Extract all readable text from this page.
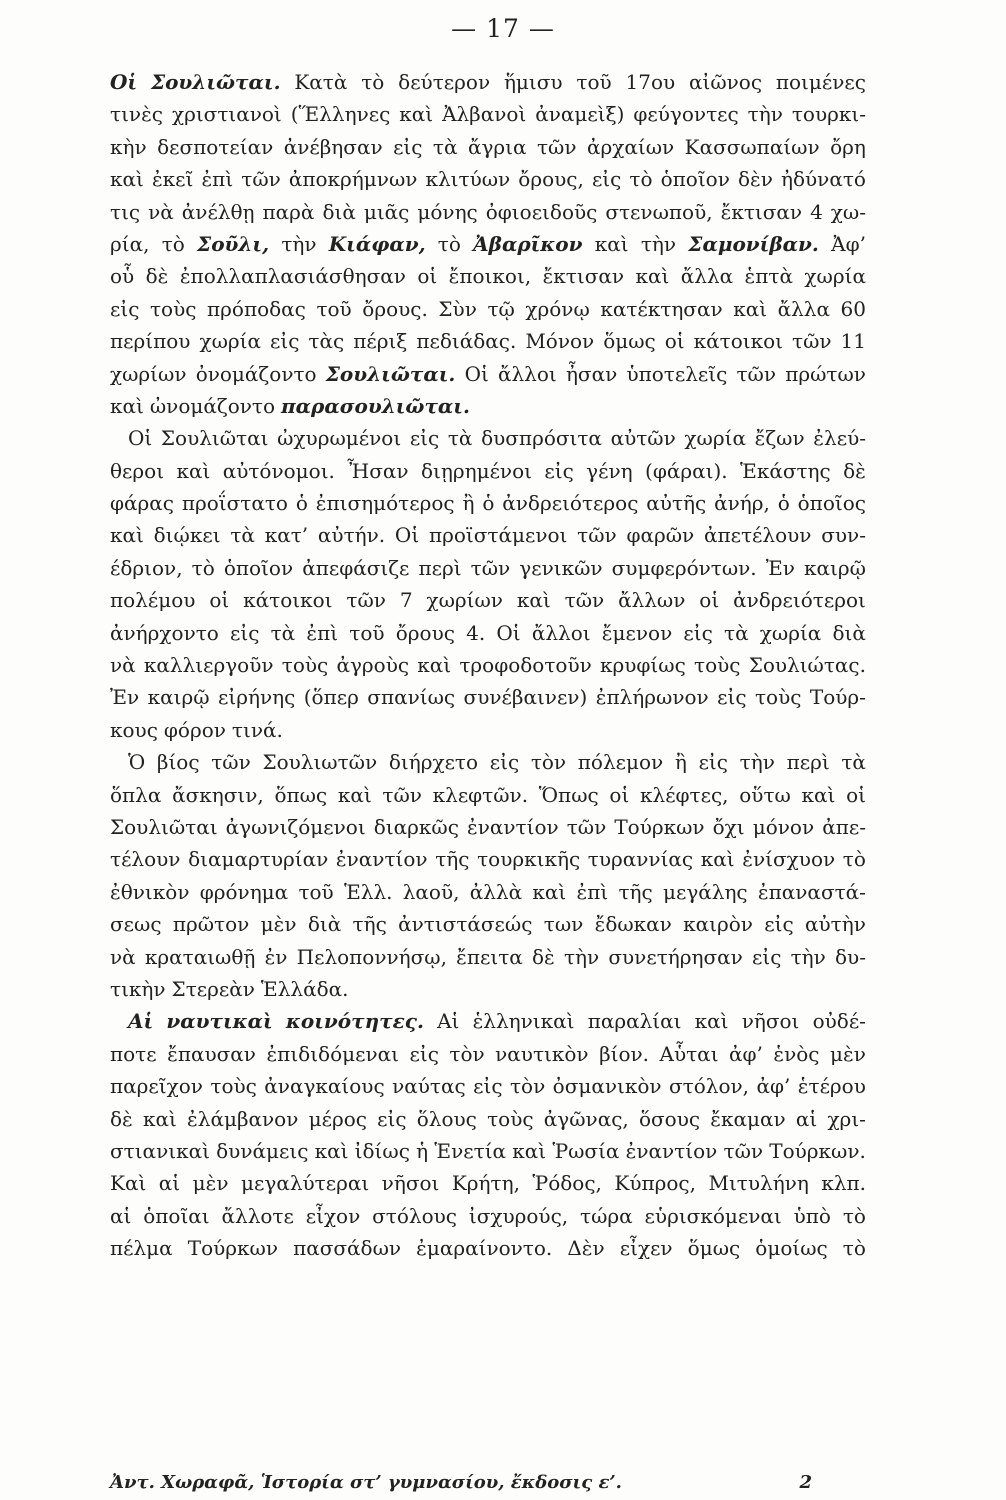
— 17 —
Οἱ Σουλιῶται. Κατὰ τὸ δεύτερον ἥμισυ τοῦ 17ου αἰῶνος ποιμένες
τινὲς χριστιανοὶ (Ἕλληνες καὶ Ἀλβανοὶ ἀναμεὶξ) φεύγοντες τὴν τουρκι-
κὴν δεσποτείαν ἀνέβησαν εἰς τὰ ἄγρια τῶν ἀρχαίων Κασσωπαίων ὄρη
καὶ ἐκεῖ ἐπὶ τῶν ἀποκρήμνων κλιτύων ὄρους, εἰς τὸ ὁποῖον δὲν ἠδύνατό
τις νὰ ἀνέλθῃ παρὰ διὰ μιᾶς μόνης ὀφιοειδοῦς στενωποῦ, ἔκτισαν 4 χω-
ρία, τὸ Σοῦλι, τὴν Κιάφαν, τὸ Ἀβαρῖκον καὶ τὴν Σαμονίβαν. Ἀφ’
οὗ δὲ ἐπολλαπλασιάσθησαν οἱ ἔποικοι, ἔκτισαν καὶ ἄλλα ἑπτὰ χωρία
εἰς τοὺς πρόποδας τοῦ ὄρους. Σὺν τῷ χρόνῳ κατέκτησαν καὶ ἄλλα 60
περίπου χωρία εἰς τὰς πέριξ πεδιάδας. Μόνον ὅμως οἱ κάτοικοι τῶν 11
χωρίων ὀνομάζοντο Σουλιῶται. Οἱ ἄλλοι ἦσαν ὑποτελεῖς τῶν πρώτων
καὶ ὠνομάζοντο παρασουλιῶται.
Οἱ Σουλιῶται ὠχυρωμένοι εἰς τὰ δυσπρόσιτα αὐτῶν χωρία ἔζων ἐλεύ-
θεροι καὶ αὐτόνομοι. Ἦσαν διῃρημένοι εἰς γένη (φάραι). Ἑκάστης δὲ
φάρας προΐστατο ὁ ἐπισημότερος ἢ ὁ ἀνδρειότερος αὐτῆς ἀνήρ, ὁ ὁποῖος
καὶ διῴκει τὰ κατ’ αὐτήν. Οἱ προϊστάμενοι τῶν φαρῶν ἀπετέλουν συν-
έδριον, τὸ ὁποῖον ἀπεφάσιζε περὶ τῶν γενικῶν συμφερόντων. Ἐν καιρῷ
πολέμου οἱ κάτοικοι τῶν 7 χωρίων καὶ τῶν ἄλλων οἱ ἀνδρειότεροι
ἀνήρχοντο εἰς τὰ ἐπὶ τοῦ ὄρους 4. Οἱ ἄλλοι ἔμενον εἰς τὰ χωρία διὰ
νὰ καλλιεργοῦν τοὺς ἀγροὺς καὶ τροφοδοτοῦν κρυφίως τοὺς Σουλιώτας.
Ἐν καιρῷ εἰρήνης (ὅπερ σπανίως συνέβαινεν) ἐπλήρωνον εἰς τοὺς Τούρ-
κους φόρον τινά.
Ὁ βίος τῶν Σουλιωτῶν διήρχετο εἰς τὸν πόλεμον ἢ εἰς τὴν περὶ τὰ
ὅπλα ἄσκησιν, ὅπως καὶ τῶν κλεφτῶν. Ὅπως οἱ κλέφτες, οὕτω καὶ οἱ
Σουλιῶται ἀγωνιζόμενοι διαρκῶς ἐναντίον τῶν Τούρκων ὄχι μόνον ἀπε-
τέλουν διαμαρτυρίαν ἐναντίον τῆς τουρκικῆς τυραννίας καὶ ἐνίσχυον τὸ
ἐθνικὸν φρόνημα τοῦ Ἑλλ. λαοῦ, ἀλλὰ καὶ ἐπὶ τῆς μεγάλης ἐπαναστά-
σεως πρῶτον μὲν διὰ τῆς ἀντιστάσεώς των ἔδωκαν καιρὸν εἰς αὐτὴν
νὰ κραταιωθῇ ἐν Πελοποννήσῳ, ἔπειτα δὲ τὴν συνετήρησαν εἰς τὴν δυ-
τικὴν Στερεὰν Ἑλλάδα.
Αἱ ναυτικαὶ κοινότητες. Αἱ ἑλληνικαὶ παραλίαι καὶ νῆσοι οὐδέ-
ποτε ἔπαυσαν ἐπιδιδόμεναι εἰς τὸν ναυτικὸν βίον. Αὗται ἀφ’ ἑνὸς μὲν
παρεῖχον τοὺς ἀναγκαίους ναύτας εἰς τὸν ὀσμανικὸν στόλον, ἀφ’ ἑτέρου
δὲ καὶ ἐλάμβανον μέρος εἰς ὅλους τοὺς ἀγῶνας, ὅσους ἔκαμαν αἱ χρι-
στιανικαὶ δυνάμεις καὶ ἰδίως ἡ Ἑνετία καὶ Ῥωσία ἐναντίον τῶν Τούρκων.
Καὶ αἱ μὲν μεγαλύτεραι νῆσοι Κρήτη, Ῥόδος, Κύπρος, Μιτυλήνη κλπ.
αἱ ὁποῖαι ἄλλοτε εἶχον στόλους ἰσχυρούς, τώρα εὑρισκόμεναι ὑπὸ τὸ
πέλμα Τούρκων πασσάδων ἐμαραίνοντο. Δὲν εἶχεν ὅμως ὁμοίως τὸ
Ἀντ. Χωραφᾶ, Ἱστορία στ’ γυμνασίου, ἔκδοσις ε’.	2
